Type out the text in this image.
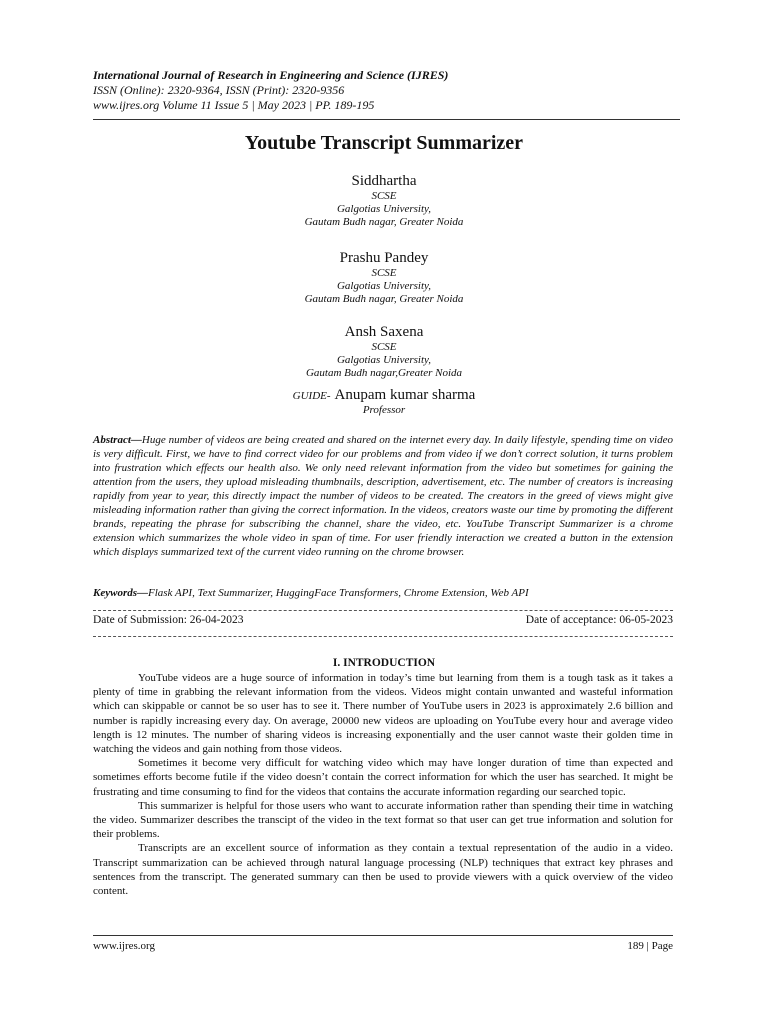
International Journal of Research in Engineering and Science (IJRES)
ISSN (Online): 2320-9364, ISSN (Print): 2320-9356
www.ijres.org Volume 11 Issue 5 | May 2023 | PP. 189-195
Youtube Transcript Summarizer
Siddhartha
SCSE
Galgotias University,
Gautam Budh nagar, Greater Noida
Prashu Pandey
SCSE
Galgotias University,
Gautam Budh nagar, Greater Noida
Ansh Saxena
SCSE
Galgotias University,
Gautam Budh nagar,Greater Noida
GUIDE- Anupam kumar sharma
Professor
Abstract—Huge number of videos are being created and shared on the internet every day. In daily lifestyle, spending time on video is very difficult. First, we have to find correct video for our problems and from video if we don’t correct solution, it turns problem into frustration which effects our health also. We only need relevant information from the video but sometimes for gaining the attention from the users, they upload misleading thumbnails, description, advertisement, etc. The number of creators is increasing rapidly from year to year, this directly impact the number of videos to be created. The creators in the greed of views might give misleading information rather than giving the correct information. In the videos, creators waste our time by promoting the different brands, repeating the phrase for subscribing the channel, share the video, etc. YouTube Transcript Summarizer is a chrome extension which summarizes the whole video in span of time. For user friendly interaction we created a button in the extension which displays summarized text of the current video running on the chrome browser.
Keywords—Flask API, Text Summarizer, HuggingFace Transformers, Chrome Extension, Web API
Date of Submission: 26-04-2023	Date of acceptance: 06-05-2023
I. INTRODUCTION

YouTube videos are a huge source of information in today’s time but learning from them is a tough task as it takes a plenty of time in grabbing the relevant information from the videos. Videos might contain unwanted and wasteful information which can skippable or cannot be so user has to see it. There number of YouTube users in 2023 is approximately 2.6 billion and number is rapidly increasing every day. On average, 20000 new videos are uploading on YouTube every hour and average video length is 12 minutes. The number of sharing videos is increasing exponentially and the user cannot waste their golden time in watching the videos and gain nothing from those videos.

Sometimes it become very difficult for watching video which may have longer duration of time than expected and sometimes efforts become futile if the video doesn’t contain the correct information for which the user has searched. It might be frustrating and time consuming to find for the videos that contains the accurate information regarding our searched topic.

This summarizer is helpful for those users who want to accurate information rather than spending their time in watching the video. Summarizer describes the transcipt of the video in the text format so that user can get true information and solution for their problems.

Transcripts are an excellent source of information as they contain a textual representation of the audio in a video. Transcript summarization can be achieved through natural language processing (NLP) techniques that extract key phrases and sentences from the transcript. The generated summary can then be used to provide viewers with a quick overview of the video content.

www.ijres.org	189 | Page
